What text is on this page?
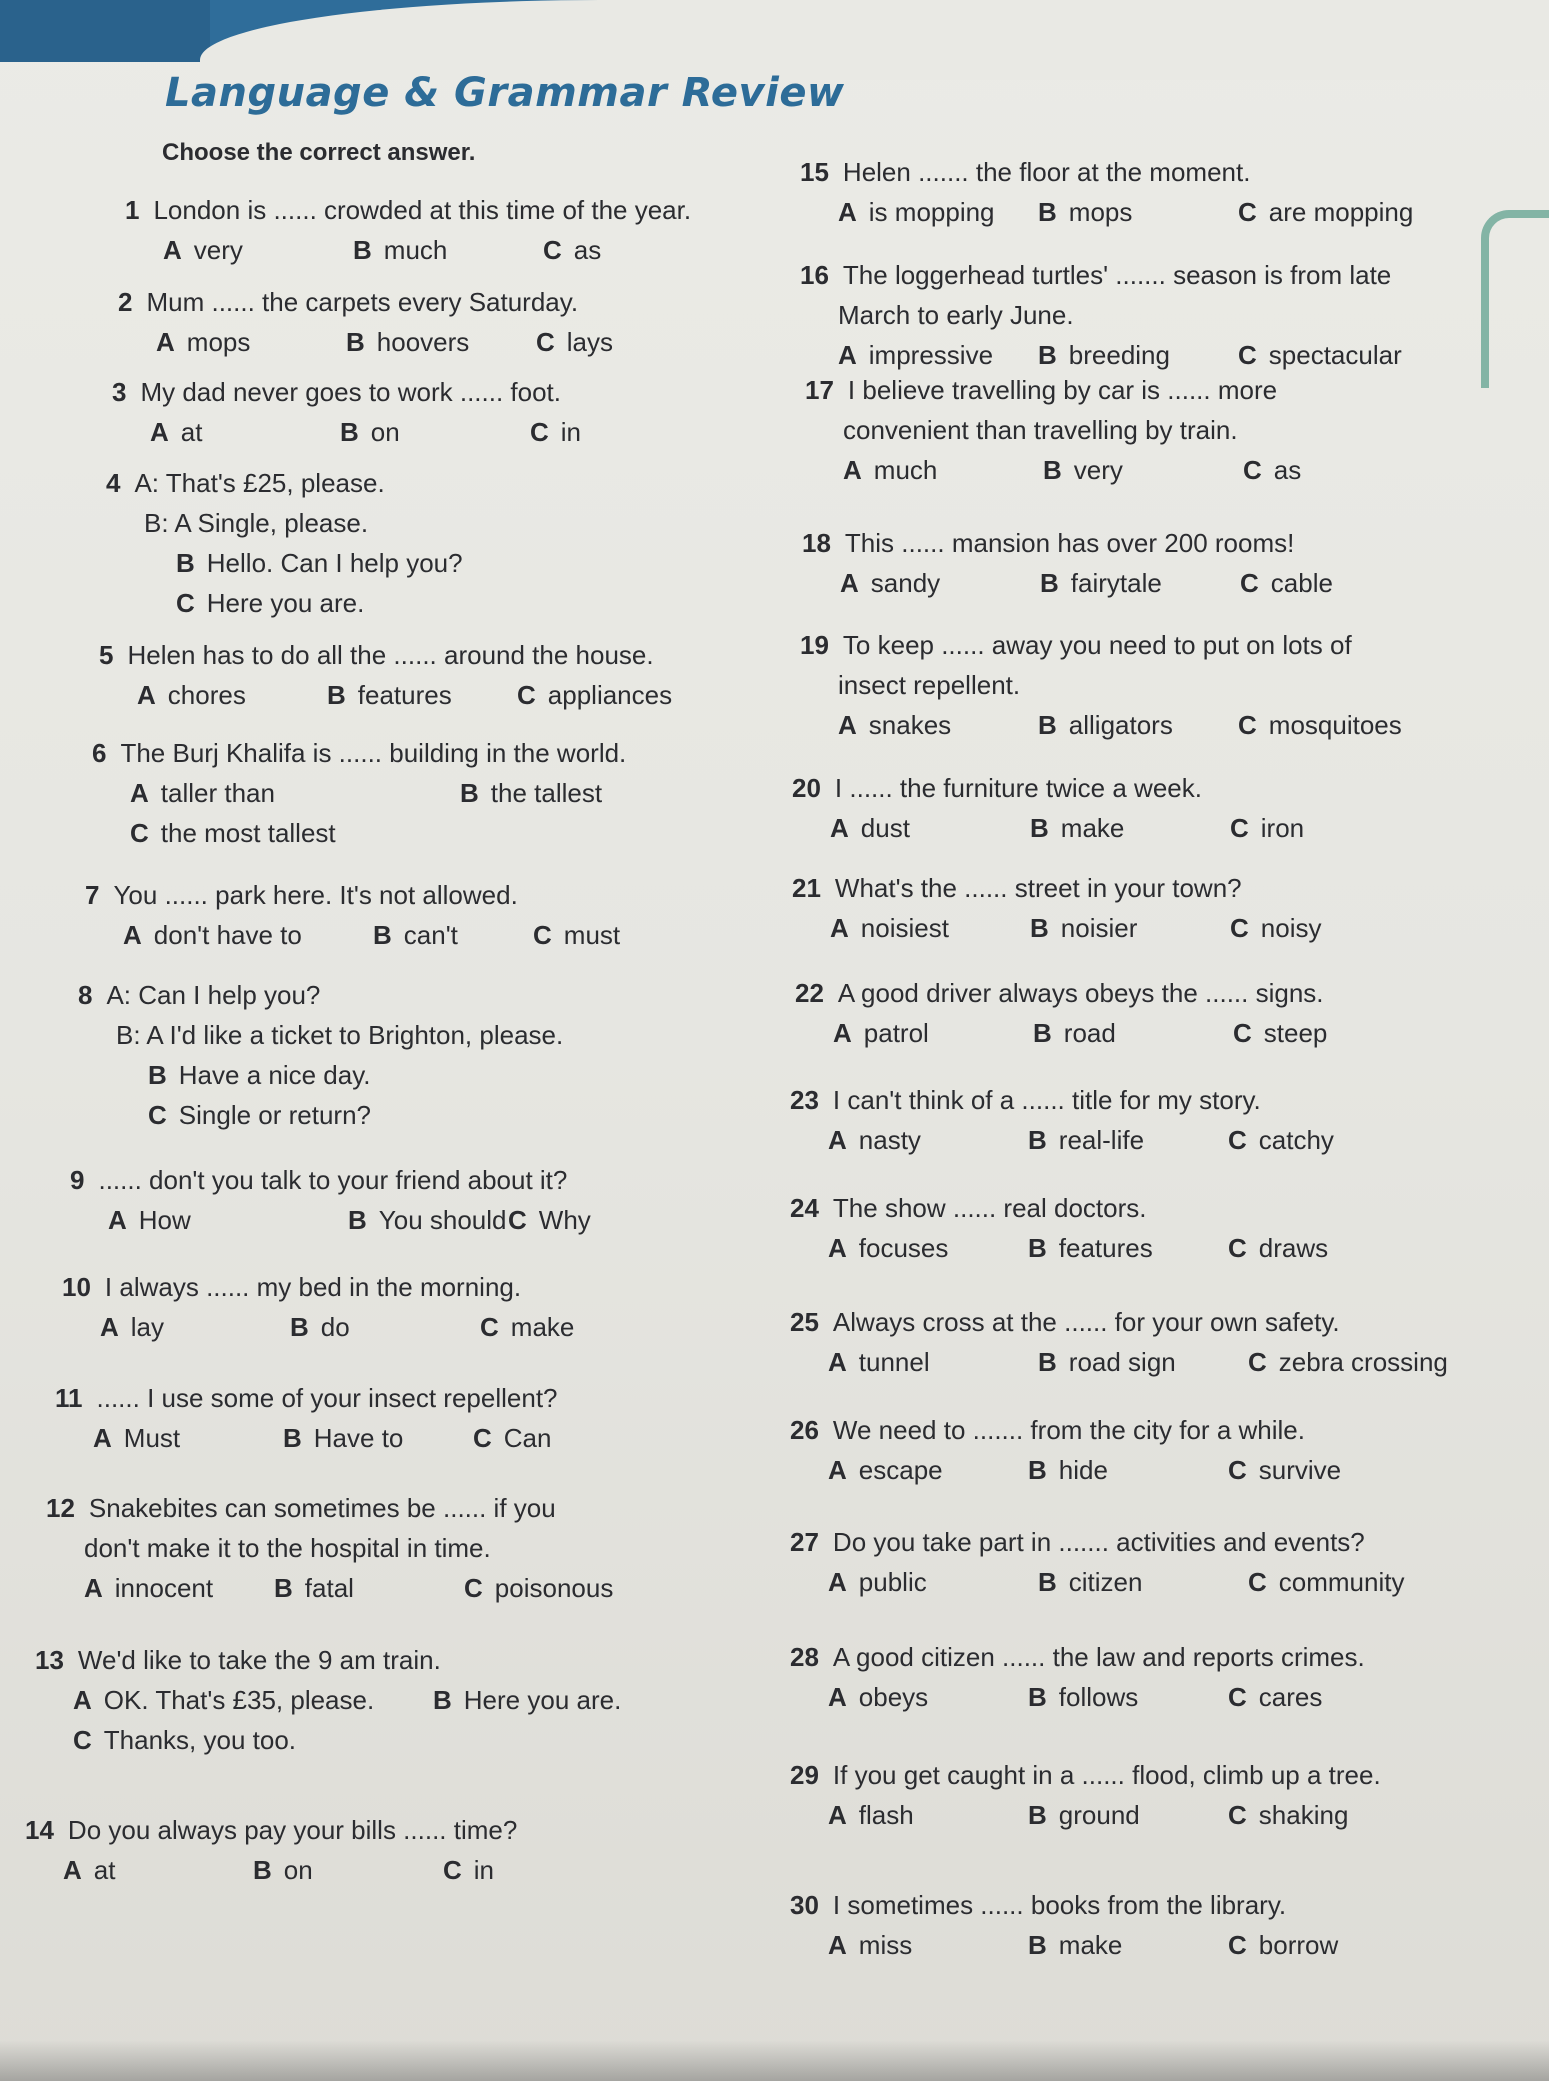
Language & Grammar Review

Choose the correct answer.

1 London is ...... crowded at this time of the year.
A very	B much	C as
2 Mum ...... the carpets every Saturday.
A mops	B hoovers	C lays
3 My dad never goes to work ...... foot.
A at	B on	C in
4 A: That's £25, please.
B: A Single, please.
B Hello. Can I help you?
C Here you are.
5 Helen has to do all the ...... around the house.
A chores	B features	C appliances
6 The Burj Khalifa is ...... building in the world.
A taller than	B the tallest
C the most tallest
7 You ...... park here. It's not allowed.
A don't have to	B can't	C must
8 A: Can I help you?
B: A I'd like a ticket to Brighton, please.
B Have a nice day.
C Single or return?
9 ...... don't you talk to your friend about it?
A How	B You should C Why
10 I always ...... my bed in the morning.
A lay	B do	C make
11 ...... I use some of your insect repellent?
A Must	B Have to	C Can
12 Snakebites can sometimes be ...... if you
don't make it to the hospital in time.
A innocent B fatal	C poisonous
13 We'd like to take the 9 am train.
A OK. That's £35, please. B Here you are.
C Thanks, you too.
14 Do you always pay your bills ...... time?
A at	B on	C in
15 Helen ....... the floor at the moment.
A is mopping B mops	C are mopping
16 The loggerhead turtles' ....... season is from late
March to early June.
A impressive B breeding	C spectacular
17 I believe travelling by car is ...... more
convenient than travelling by train.
A much	B very	C as
18 This ...... mansion has over 200 rooms!
A sandy	B fairytale	C cable
19 To keep ...... away you need to put on lots of
insect repellent.
A snakes	B alligators	C mosquitoes
20 I ...... the furniture twice a week.
A dust	B make	C iron
21 What's the ...... street in your town?
A noisiest	B noisier	C noisy
22 A good driver always obeys the ...... signs.
A patrol	B road	C steep
23 I can't think of a ...... title for my story.
A nasty	B real-life	C catchy
24 The show ...... real doctors.
A focuses	B features	C draws
25 Always cross at the ...... for your own safety.
A tunnel	B road sign	C zebra crossing
26 We need to ....... from the city for a while.
A escape	B hide	C survive
27 Do you take part in ....... activities and events?
A public	B citizen	C community
28 A good citizen ...... the law and reports crimes.
A obeys	B follows	C cares
29 If you get caught in a ...... flood, climb up a tree.
A flash	B ground	C shaking
30 I sometimes ...... books from the library.
A miss	B make	C borrow
